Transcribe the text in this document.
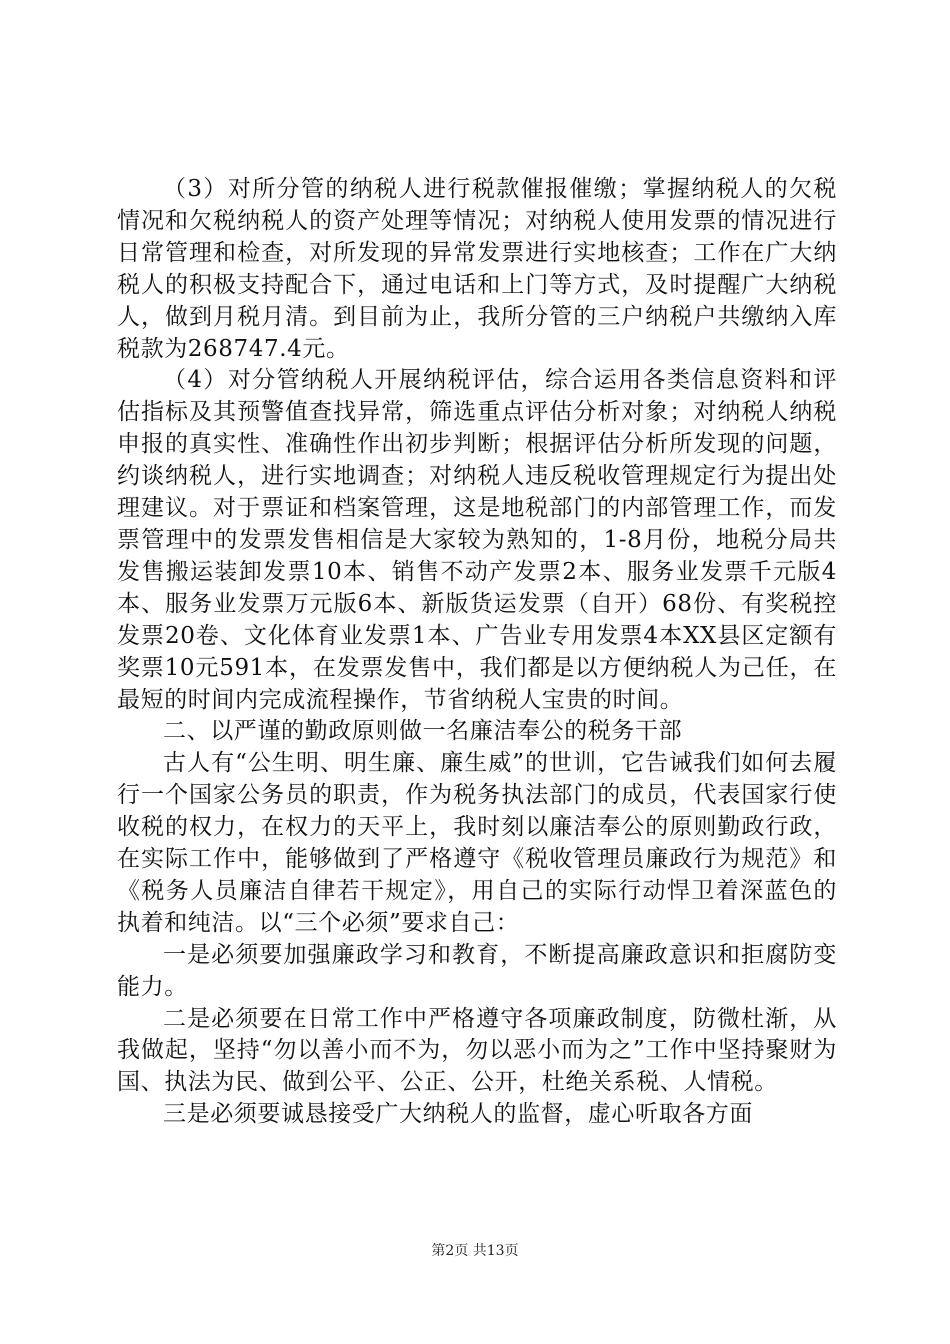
（3）对所分管的纳税人进行税款催报催缴；掌握纳税人的欠税情况和欠税纳税人的资产处理等情况；对纳税人使用发票的情况进行日常管理和检查，对所发现的异常发票进行实地核查；工作在广大纳税人的积极支持配合下，通过电话和上门等方式，及时提醒广大纳税人，做到月税月清。到目前为止，我所分管的三户纳税户共缴纳入库税款为268747.4元。

（4）对分管纳税人开展纳税评估，综合运用各类信息资料和评估指标及其预警值查找异常，筛选重点评估分析对象；对纳税人纳税申报的真实性、准确性作出初步判断；根据评估分析所发现的问题，约谈纳税人，进行实地调查；对纳税人违反税收管理规定行为提出处理建议。对于票证和档案管理，这是地税部门的内部管理工作，而发票管理中的发票发售相信是大家较为熟知的，1-8月份，地税分局共发售搬运装卸发票10本、销售不动产发票2本、服务业发票千元版4本、服务业发票万元版6本、新版货运发票（自开）68份、有奖税控发票20卷、文化体育业发票1本、广告业专用发票4本XX县区定额有奖票10元591本，在发票发售中，我们都是以方便纳税人为己任，在最短的时间内完成流程操作，节省纳税人宝贵的时间。

二、以严谨的勤政原则做一名廉洁奉公的税务干部

古人有“公生明、明生廉、廉生威”的世训，它告诫我们如何去履行一个国家公务员的职责，作为税务执法部门的成员，代表国家行使收税的权力，在权力的天平上，我时刻以廉洁奉公的原则勤政行政，在实际工作中，能够做到了严格遵守《税收管理员廉政行为规范》和《税务人员廉洁自律若干规定》，用自己的实际行动悍卫着深蓝色的执着和纯洁。以“三个必须”要求自己：

一是必须要加强廉政学习和教育，不断提高廉政意识和拒腐防变能力。

二是必须要在日常工作中严格遵守各项廉政制度，防微杜渐，从我做起，坚持“勿以善小而不为，勿以恶小而为之”工作中坚持聚财为国、执法为民、做到公平、公正、公开，杜绝关系税、人情税。

三是必须要诚恳接受广大纳税人的监督，虚心听取各方面

第2页 共13页
